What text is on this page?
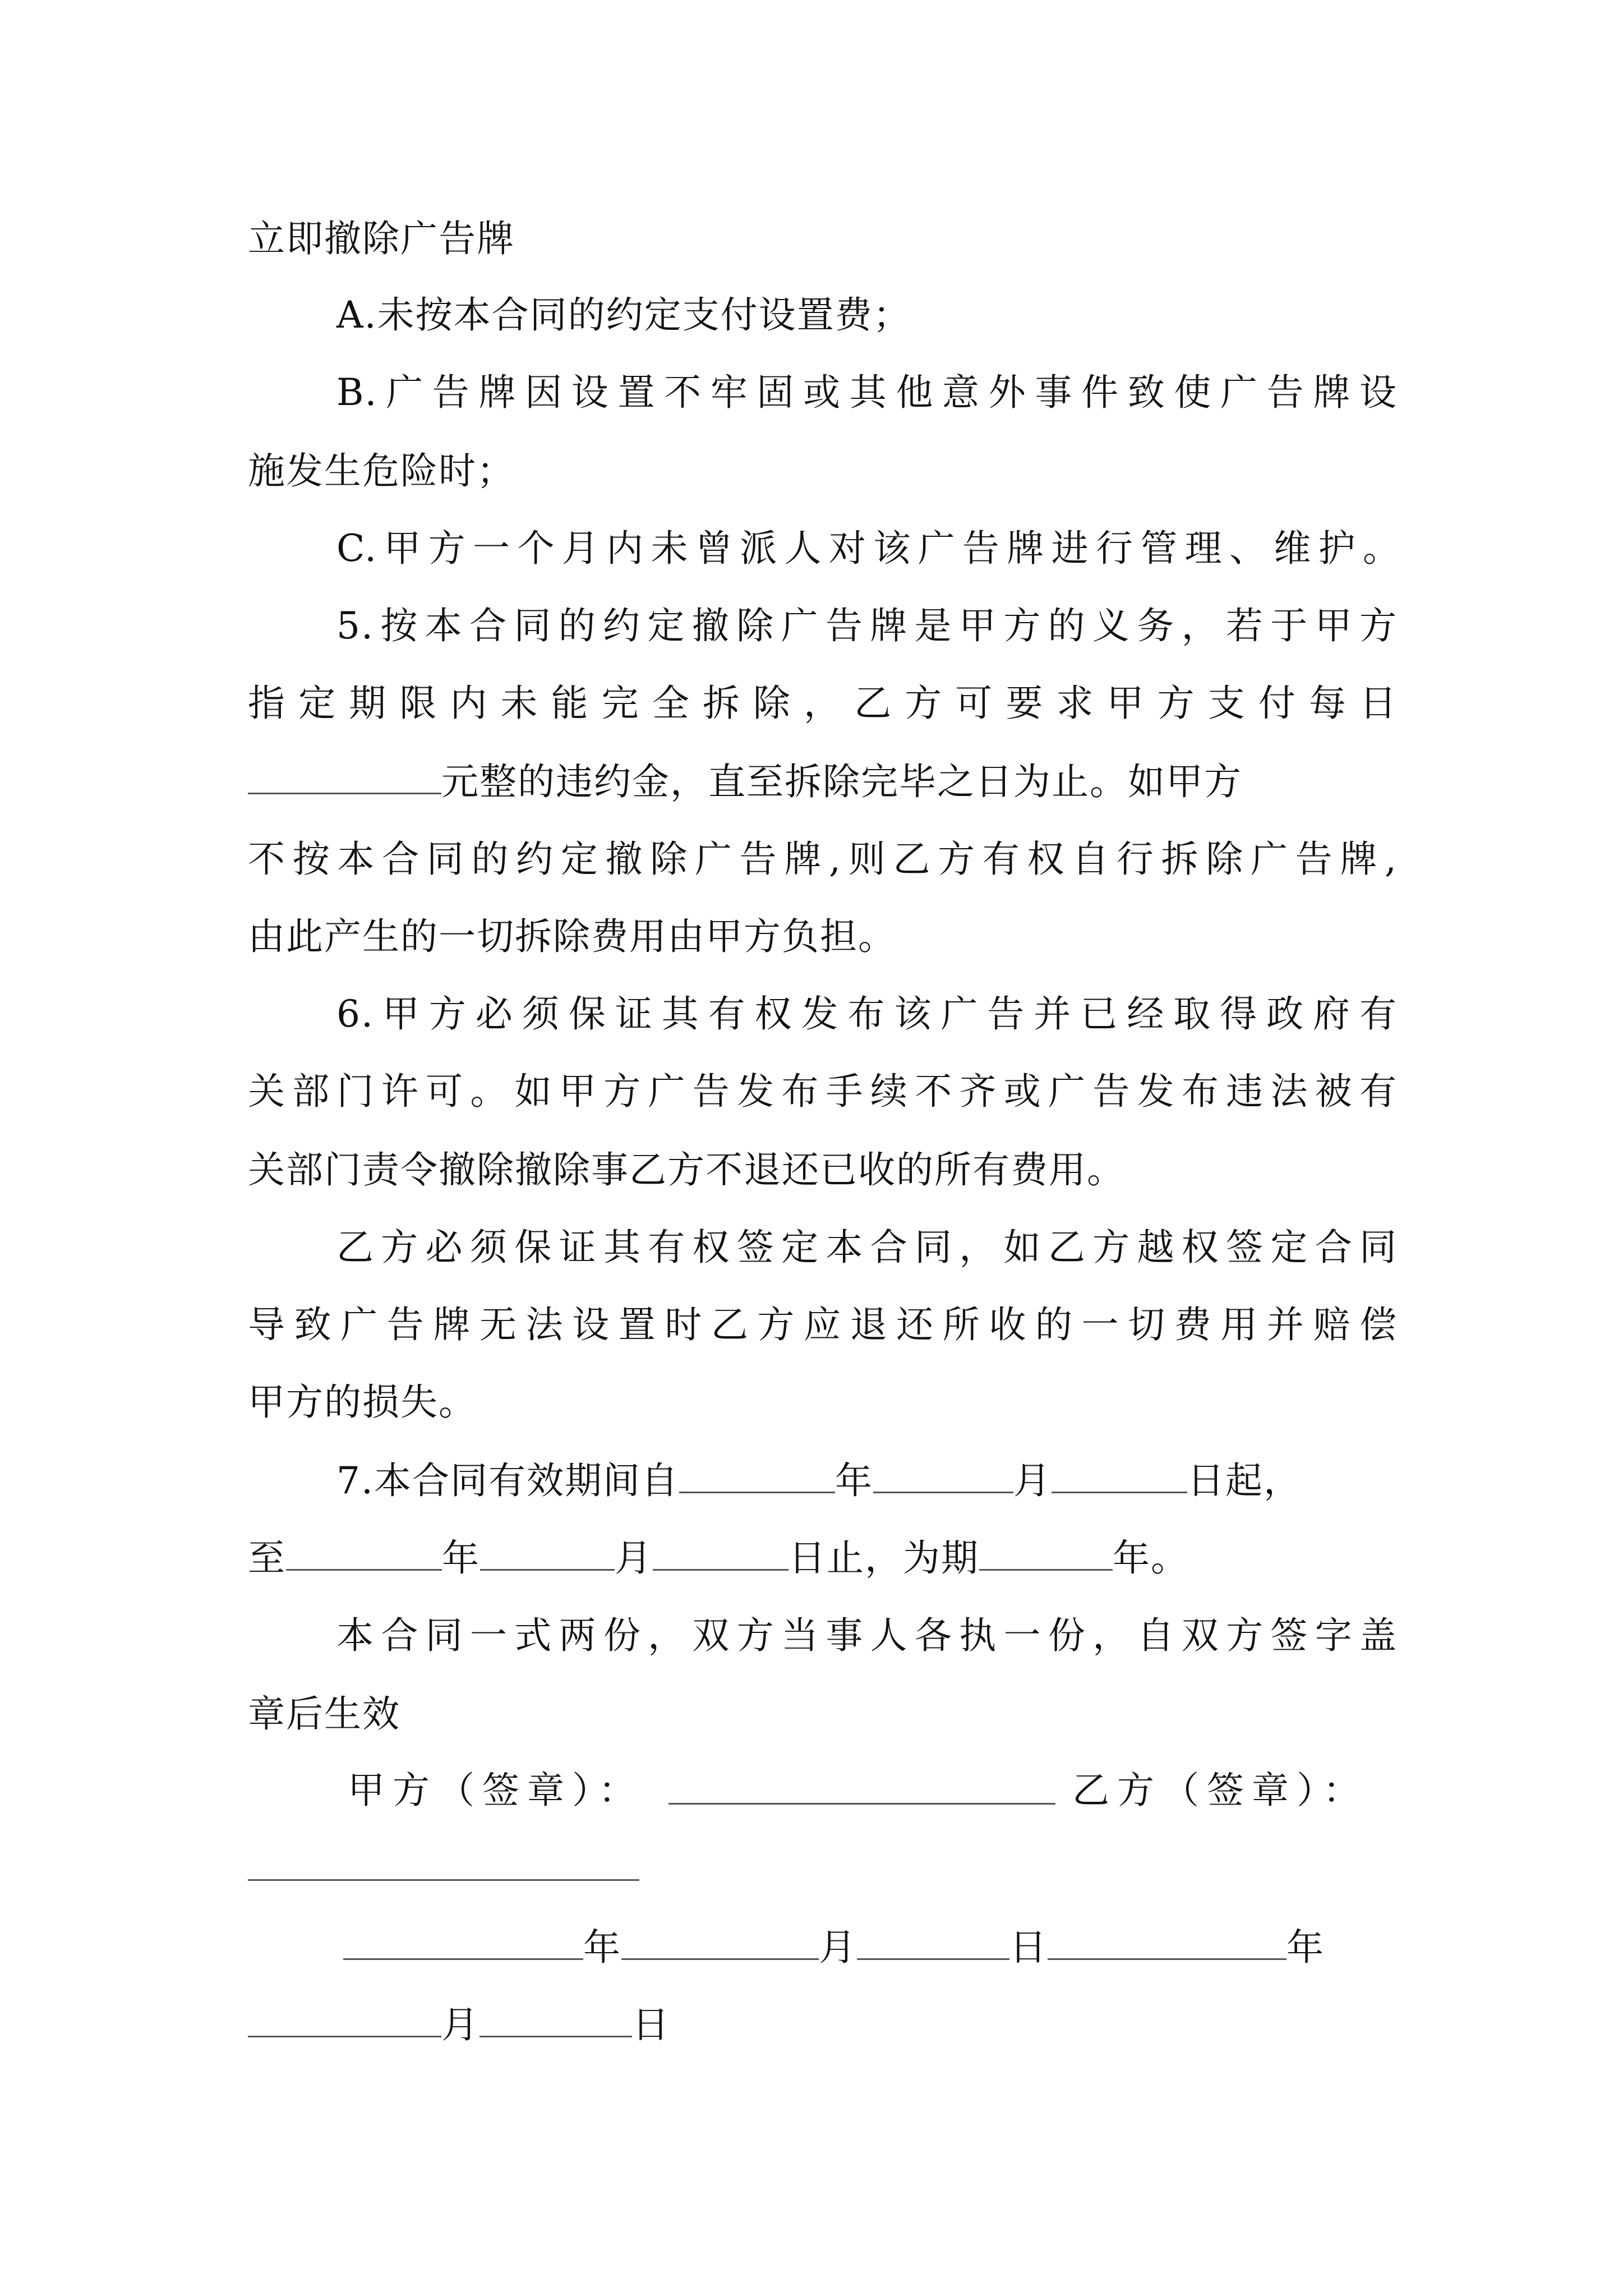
立即撤除广告牌
A.未按本合同的约定支付设置费；
B.广告牌因设置不牢固或其他意外事件致使广告牌设
施发生危险时；
C.甲方一个月内未曾派人对该广告牌进行管理、维护。
5.按本合同的约定撤除广告牌是甲方的义务，若于甲方
指定期限内未能完全拆除，乙方可要求甲方支付每日
元整的违约金，直至拆除完毕之日为止。如甲方
不按本合同的约定撤除广告牌,则乙方有权自行拆除广告牌,
由此产生的一切拆除费用由甲方负担。
6.甲方必须保证其有权发布该广告并已经取得政府有
关部门许可。如甲方广告发布手续不齐或广告发布违法被有
关部门责令撤除撤除事乙方不退还已收的所有费用。
乙方必须保证其有权签定本合同，如乙方越权签定合同
导致广告牌无法设置时乙方应退还所收的一切费用并赔偿
甲方的损失。
7.本合同有效期间自	年	月	日起，
至	年	月	日止，为期	年。
本合同一式两份，双方当事人各执一份，自双方签字盖
章后生效
甲方（签章）：	乙方（签章）：
年	月	日	年
月	日
